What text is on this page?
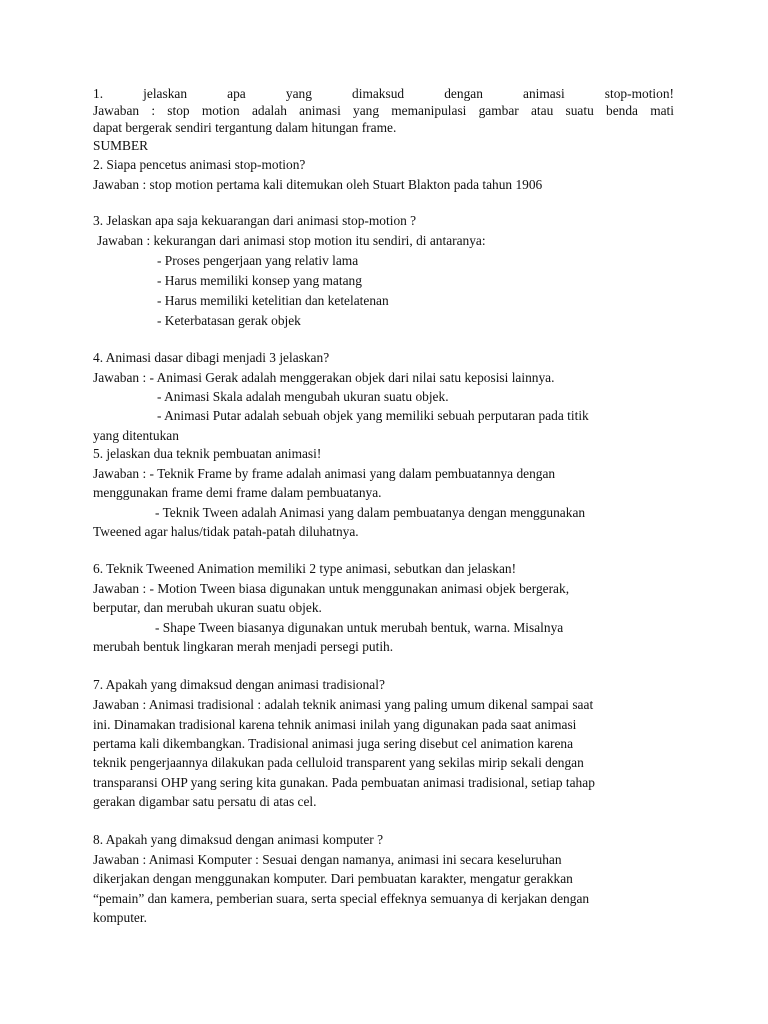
1. jelaskan apa yang dimaksud dengan animasi stop-motion!

Jawaban : stop motion adalah animasi yang memanipulasi gambar atau suatu benda mati

dapat bergerak sendiri tergantung dalam hitungan frame.

SUMBER

2. Siapa pencetus animasi stop-motion?

Jawaban : stop motion pertama kali ditemukan oleh Stuart Blakton pada tahun 1906

3. Jelaskan apa saja kekuarangan dari animasi stop-motion ?

Jawaban : kekurangan dari animasi stop motion itu sendiri, di antaranya:

- Proses pengerjaan yang relativ lama

- Harus memiliki konsep yang matang

- Harus memiliki ketelitian dan ketelatenan

- Keterbatasan gerak objek

4. Animasi dasar dibagi menjadi 3 jelaskan?

Jawaban : - Animasi Gerak adalah menggerakan objek dari nilai satu keposisi lainnya.

- Animasi Skala adalah mengubah ukuran suatu objek.

- Animasi Putar adalah sebuah objek yang memiliki sebuah perputaran pada titik

yang ditentukan

5. jelaskan dua teknik pembuatan animasi!

Jawaban : - Teknik Frame by frame adalah animasi yang dalam pembuatannya dengan

menggunakan frame demi frame dalam pembuatanya.

- Teknik Tween adalah Animasi yang dalam pembuatanya dengan menggunakan

Tweened agar halus/tidak patah-patah diluhatnya.

6. Teknik Tweened Animation memiliki 2 type animasi, sebutkan dan jelaskan!

Jawaban : - Motion Tween biasa digunakan untuk menggunakan animasi objek bergerak,

berputar, dan merubah ukuran suatu objek.

- Shape Tween biasanya digunakan untuk merubah bentuk, warna. Misalnya

merubah bentuk lingkaran merah menjadi persegi putih.

7. Apakah yang dimaksud dengan animasi tradisional?

Jawaban : Animasi tradisional : adalah teknik animasi yang paling umum dikenal sampai saat

ini. Dinamakan tradisional karena tehnik animasi inilah yang digunakan pada saat animasi

pertama kali dikembangkan. Tradisional animasi juga sering disebut cel animation karena

teknik pengerjaannya dilakukan pada celluloid transparent yang sekilas mirip sekali dengan

transparansi OHP yang sering kita gunakan. Pada pembuatan animasi tradisional, setiap tahap

gerakan digambar satu persatu di atas cel.

8. Apakah yang dimaksud dengan animasi komputer ?

Jawaban : Animasi Komputer : Sesuai dengan namanya, animasi ini secara keseluruhan

dikerjakan dengan menggunakan komputer. Dari pembuatan karakter, mengatur gerakkan

“pemain” dan kamera, pemberian suara, serta special effeknya semuanya di kerjakan dengan

komputer.
